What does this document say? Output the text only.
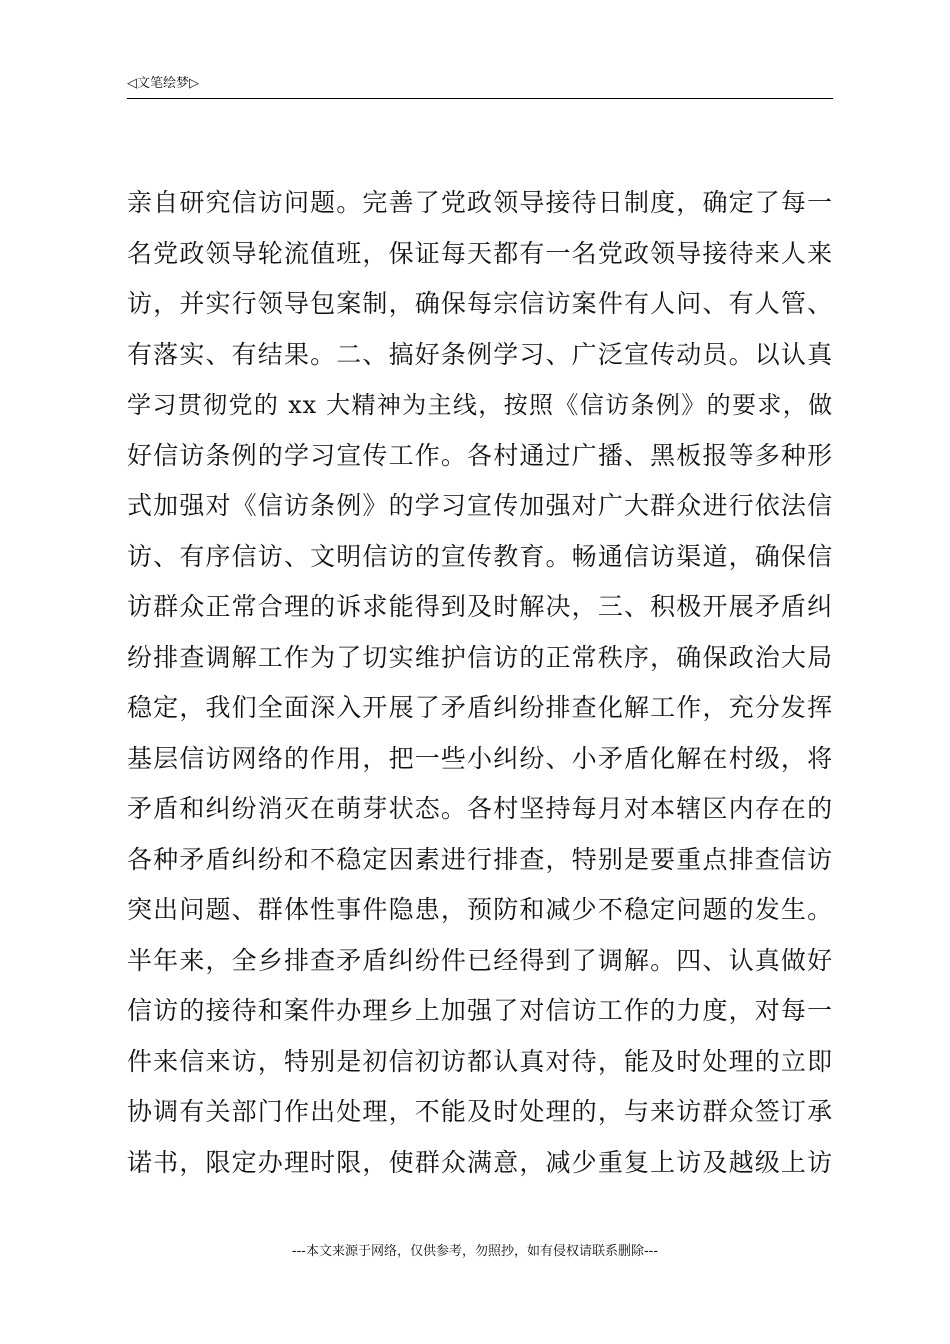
◁文笔绘梦▷
亲自研究信访问题。完善了党政领导接待日制度，确定了每一
名党政领导轮流值班，保证每天都有一名党政领导接待来人来
访，并实行领导包案制，确保每宗信访案件有人问、有人管、
有落实、有结果。二、搞好条例学习、广泛宣传动员。以认真
学习贯彻党的 xx 大精神为主线，按照《信访条例》的要求，做
好信访条例的学习宣传工作。各村通过广播、黑板报等多种形
式加强对《信访条例》的学习宣传加强对广大群众进行依法信
访、有序信访、文明信访的宣传教育。畅通信访渠道，确保信
访群众正常合理的诉求能得到及时解决，三、积极开展矛盾纠
纷排查调解工作为了切实维护信访的正常秩序，确保政治大局
稳定，我们全面深入开展了矛盾纠纷排查化解工作，充分发挥
基层信访网络的作用，把一些小纠纷、小矛盾化解在村级，将
矛盾和纠纷消灭在萌芽状态。各村坚持每月对本辖区内存在的
各种矛盾纠纷和不稳定因素进行排查，特别是要重点排查信访
突出问题、群体性事件隐患，预防和减少不稳定问题的发生。
半年来，全乡排查矛盾纠纷件已经得到了调解。四、认真做好
信访的接待和案件办理乡上加强了对信访工作的力度，对每一
件来信来访，特别是初信初访都认真对待，能及时处理的立即
协调有关部门作出处理，不能及时处理的，与来访群众签订承
诺书，限定办理时限，使群众满意，减少重复上访及越级上访
---本文来源于网络，仅供参考，勿照抄，如有侵权请联系删除---
